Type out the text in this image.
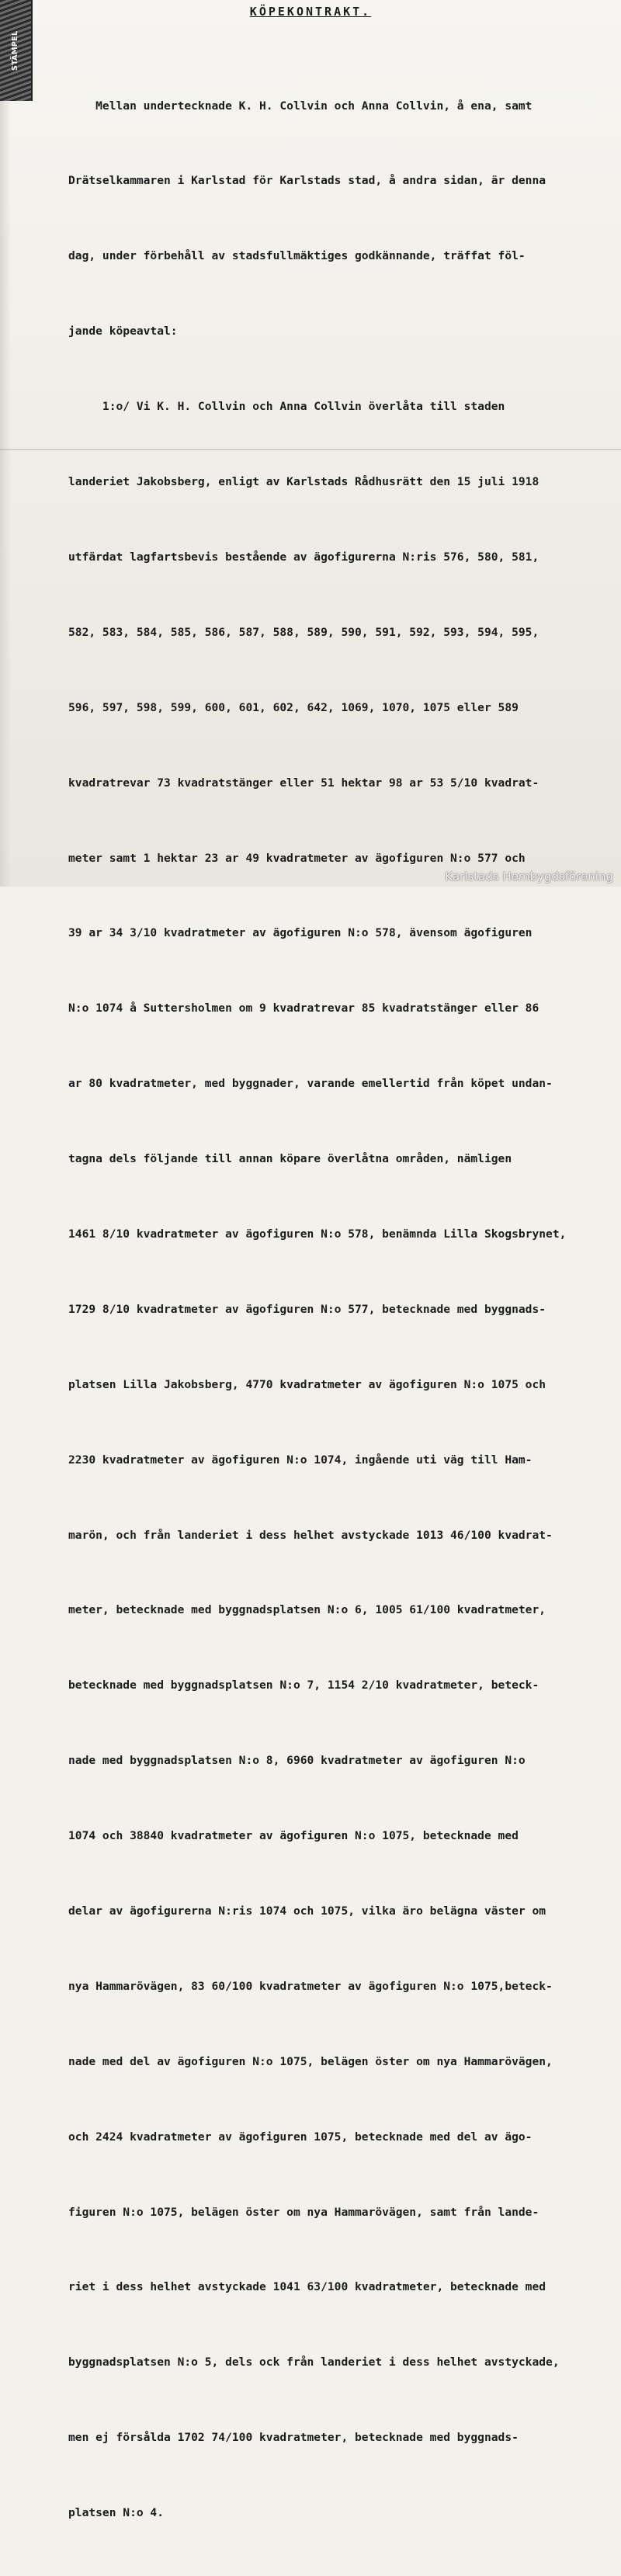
STÄMPEL
KÖPEKONTRAKT.

Mellan undertecknade K. H. Collvin och Anna Collvin, å ena, samt

Drätselkammaren i Karlstad för Karlstads stad, å andra sidan, är denna

dag, under förbehåll av stadsfullmäktiges godkännande, träffat föl-

jande köpeavtal:

1:o/ Vi K. H. Collvin och Anna Collvin överlåta till staden

landeriet Jakobsberg, enligt av Karlstads Rådhusrätt den 15 juli 1918

utfärdat lagfartsbevis bestående av ägofigurerna N:ris 576, 580, 581,

582, 583, 584, 585, 586, 587, 588, 589, 590, 591, 592, 593, 594, 595,

596, 597, 598, 599, 600, 601, 602, 642, 1069, 1070, 1075 eller 589

kvadratrevar 73 kvadratstänger eller 51 hektar 98 ar 53 5/10 kvadrat-

meter samt 1 hektar 23 ar 49 kvadratmeter av ägofiguren N:o 577 och

39 ar 34 3/10 kvadratmeter av ägofiguren N:o 578, ävensom ägofiguren

N:o 1074 å Suttersholmen om 9 kvadratrevar 85 kvadratstänger eller 86

ar 80 kvadratmeter, med byggnader, varande emellertid från köpet undan-

tagna dels följande till annan köpare överlåtna områden, nämligen

1461 8/10 kvadratmeter av ägofiguren N:o 578, benämnda Lilla Skogsbrynet,

1729 8/10 kvadratmeter av ägofiguren N:o 577, betecknade med byggnads-

platsen Lilla Jakobsberg, 4770 kvadratmeter av ägofiguren N:o 1075 och

2230 kvadratmeter av ägofiguren N:o 1074, ingående uti väg till Ham-

marön, och från landeriet i dess helhet avstyckade 1013 46/100 kvadrat-

meter, betecknade med byggnadsplatsen N:o 6, 1005 61/100 kvadratmeter,

betecknade med byggnadsplatsen N:o 7, 1154 2/10 kvadratmeter, beteck-

nade med byggnadsplatsen N:o 8, 6960 kvadratmeter av ägofiguren N:o

1074 och 38840 kvadratmeter av ägofiguren N:o 1075, betecknade med

delar av ägofigurerna N:ris 1074 och 1075, vilka äro belägna väster om

nya Hammarövägen, 83 60/100 kvadratmeter av ägofiguren N:o 1075,beteck-

nade med del av ägofiguren N:o 1075, belägen öster om nya Hammarövägen,

och 2424 kvadratmeter av ägofiguren 1075, betecknade med del av ägo-

figuren N:o 1075, belägen öster om nya Hammarövägen, samt från lande-

riet i dess helhet avstyckade 1041 63/100 kvadratmeter, betecknade med

byggnadsplatsen N:o 5, dels ock från landeriet i dess helhet avstyckade,

men ej försålda 1702 74/100 kvadratmeter, betecknade med byggnads-

platsen N:o 4.

Karlstads Hembygdsförening
